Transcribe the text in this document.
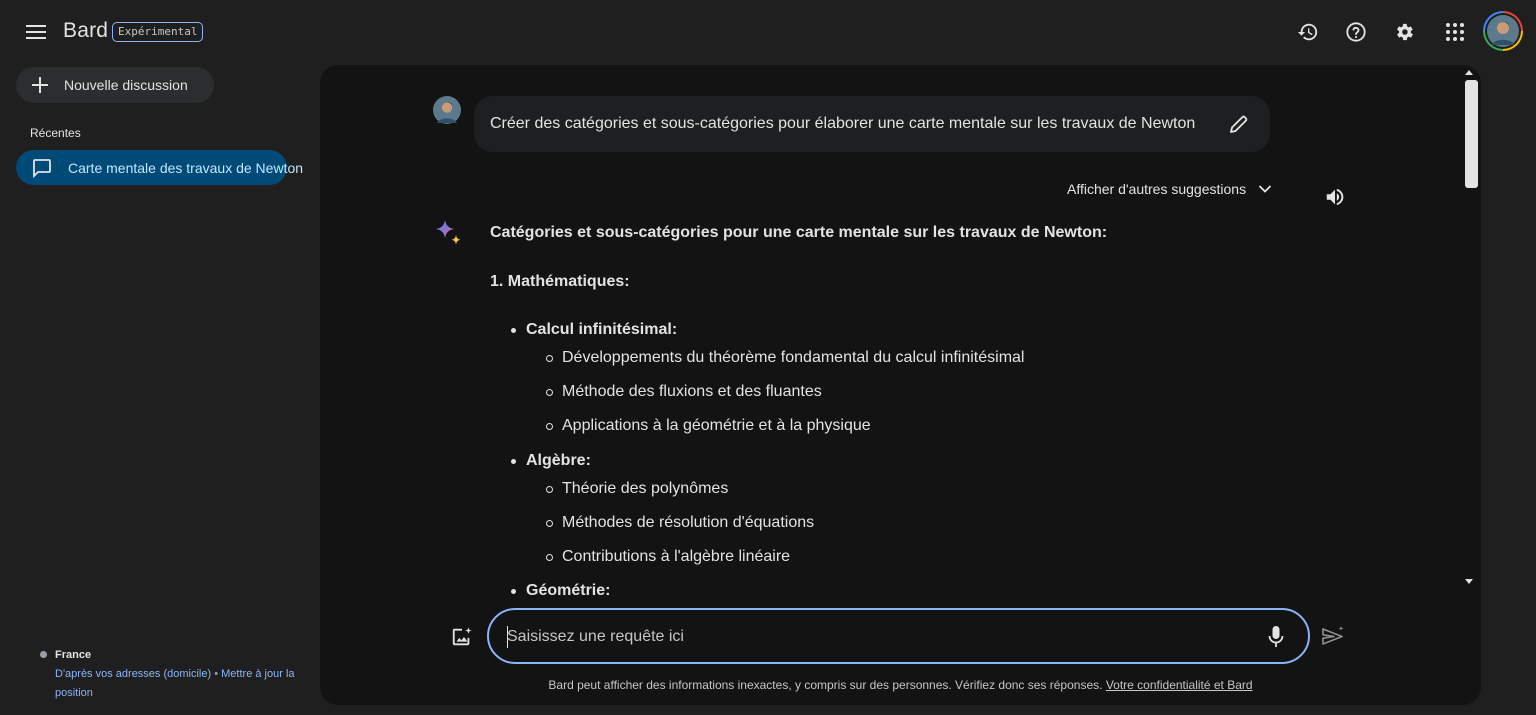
Bard Expérimental
Nouvelle discussion
Récentes
Carte mentale des travaux de Newton
France
D'après vos adresses (domicile) • Mettre à jour la position
Créer des catégories et sous-catégories pour élaborer une carte mentale sur les travaux de Newton
Afficher d'autres suggestions
Catégories et sous-catégories pour une carte mentale sur les travaux de Newton:
1. Mathématiques:
Calcul infinitésimal:
Développements du théorème fondamental du calcul infinitésimal
Méthode des fluxions et des fluantes
Applications à la géométrie et à la physique
Algèbre:
Théorie des polynômes
Méthodes de résolution d'équations
Contributions à l'algèbre linéaire
Géométrie:
Saisissez une requête ici
Bard peut afficher des informations inexactes, y compris sur des personnes. Vérifiez donc ses réponses. Votre confidentialité et Bard
